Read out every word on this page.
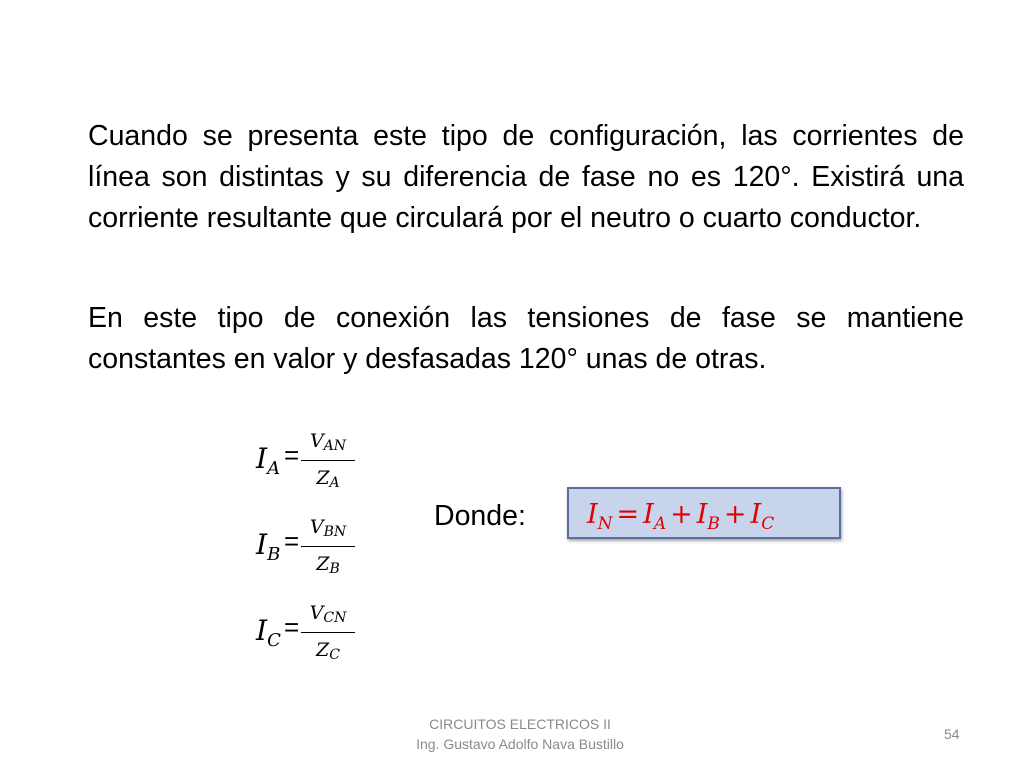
Cuando se presenta este tipo de configuración, las corrientes de línea son distintas y su diferencia de fase no es 120°. Existirá una corriente resultante que circulará por el neutro o cuarto conductor.

En este tipo de conexión las tensiones de fase se mantiene constantes en valor y desfasadas 120° unas de otras.

$I_A$ = VAN
ZA
$I_B$ = VBN
ZB
$I_C$ = VCN
ZC
Donde: $I_N = I_A + I_B + I_C$
CIRCUITOS ELECTRICOS II
Ing. Gustavo Adolfo Nava Bustillo
54
